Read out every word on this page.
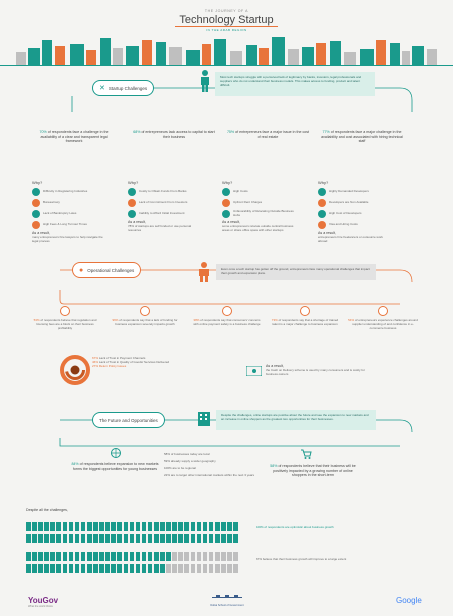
THE JOURNEY OF A
Technology Startup
IN THE ARAB REGION
✕ Startup Challenges
Most tech startups struggle with a perceived lack of legitimacy by banks, investors, legal professionals and suppliers who do not understand their business models. This makes access to funding, product and talent difficult.
70% of respondents face a challenge in the availability of a clear and transparent legal framework
68% of entrepreneurs lack access to capital to start their business
75% of entrepreneurs face a major issue in the cost of real estate
77% of respondents face a major challenge in the availability and cost associated with hiring technical staff
Why?
Difficulty in Registering Industries
Bureaucracy
Lack of Bankruptcy Laws
High Fees & Long Turnout Times
As a result,
many entrepreneurs hire lawyers to help navigate the legal process
Why?
Costly to Obtain Funds From Banks
Lack of Commitment From Investors
Inability to Afford Initial Investment
As a result,
78% of startups are self funded or use personal resources
Why?
High Costs
Upfront Rent Charges
Unfavorability of Relocating Outside Business Hubs
As a result,
some entrepreneurs relocate outside central business areas or share office space with other startups
Why?
Highly Demanded Developers
Developers are Non Available
High Cost of Developers
Visa and Hiring Costs
As a result,
entrepreneurs hire freelancers or outsource work abroad
● Operational Challenges	Even once a tech startup has gotten off the ground, entrepreneurs face many operational challenges that impact their growth and expansion plans.
53% of respondents believe that regulation and licensing fees are a block on their business profitability
96% of respondents say that a lack of funding for business expansion severely impacts growth
38% of respondents say that consumers' concerns with online payment safety is a business challenge
73% of respondents say that a shortage of trained talent is a major challenge to business expansion
54% of entrepreneurs experience challenges around supplier understanding of and confidence in e-commerce business
67% Lack of Trust in Payment Channels
46% Lack of Trust in Quality of Goods/ Services Delivered
27% Return Policy Issues	As a result,
the Cash on Delivery scheme is used by many consumers and is costly for business owners
The Future and Opportunities
Despite the challenges, online startups are positive about the future and see the expansion to new markets and an increase in online shoppers as the greatest two opportunities for their businesses.
84% of respondents believe expansion to new markets forms the biggest opportunities for young businesses
58% of businesses today are local
59% already supply a wider geography
100% are to be regional
22% are to target other international markets within the next 3 years
58% of respondents believe that their business will be positively impacted by a growing number of online shoppers in the short-term
Despite all the challenges,
100% of respondents are optimistic about business growth
67% believe that their business growth will improve to a large extent
YouGov
What the world thinks	Dubai School of Government
Google
